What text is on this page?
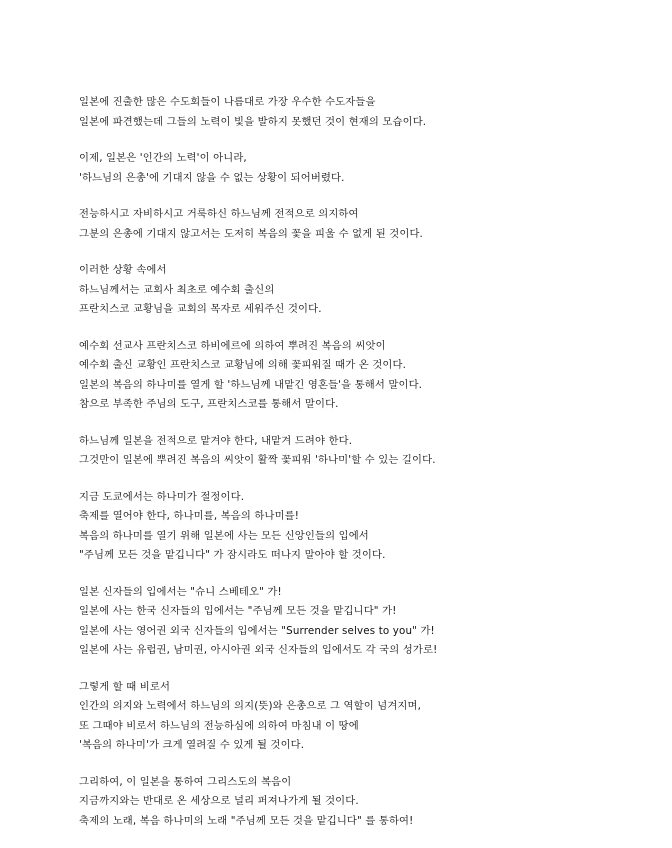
일본에 진출한 많은 수도회들이 나름대로 가장 우수한 수도자들을
일본에 파견했는데 그들의 노력이 빛을 발하지 못했던 것이 현재의 모습이다.
이제, 일본은 '인간의 노력'이 아니라,
'하느님의 은총'에 기대지 않을 수 없는 상황이 되어버렸다.
전능하시고 자비하시고 거룩하신 하느님께 전적으로 의지하여
그분의 은총에 기대지 않고서는 도저히 복음의 꽃을 피울 수 없게 된 것이다.
이러한 상황 속에서
하느님께서는 교회사 최초로 예수회 출신의
프란치스코 교황님을 교회의 목자로 세워주신 것이다.
예수회 선교사 프란치스코 하비에르에 의하여 뿌려진 복음의 씨앗이
예수회 출신 교황인 프란치스코 교황님에 의해 꽃피워질 때가 온 것이다.
일본의 복음의 하나미를 열게 할 '하느님께 내맡긴 영혼들'을 통해서 말이다.
참으로 부족한 주님의 도구, 프란치스코를 통해서 말이다.
하느님께 일본을 전적으로 맡겨야 한다, 내맡겨 드려야 한다.
그것만이 일본에 뿌려진 복음의 씨앗이 활짝 꽃피워 '하나미'할 수 있는 길이다.
지금 도쿄에서는 하나미가 절정이다.
축제를 열어야 한다, 하나미를, 복음의 하나미를!
복음의 하나미를 열기 위해 일본에 사는 모든 신앙인들의 입에서
"주님께 모든 것을 맡깁니다" 가 잠시라도 떠나지 말아야 할 것이다.
일본 신자들의 입에서는 "슈니 스베테오" 가!
일본에 사는 한국 신자들의 입에서는 "주님께 모든 것을 맡깁니다" 가!
일본에 사는 영어권 외국 신자들의 입에서는 "Surrender selves to you" 가!
일본에 사는 유럽권, 남미권, 아시아권 외국 신자들의 입에서도 각 국의 성가로!
그렇게 할 때 비로서
인간의 의지와 노력에서 하느님의 의지(뜻)와 은총으로 그 역할이 넘겨지며,
또 그때야 비로서 하느님의 전능하심에 의하여 마침내 이 땅에
'복음의 하나미'가 크게 열려질 수 있게 될 것이다.
그리하여, 이 일본을 통하여 그리스도의 복음이
지금까지와는 반대로 온 세상으로 널리 퍼져나가게 될 것이다.
축제의 노래, 복음 하나미의 노래 "주님께 모든 것을 맡깁니다" 를 통하여!
